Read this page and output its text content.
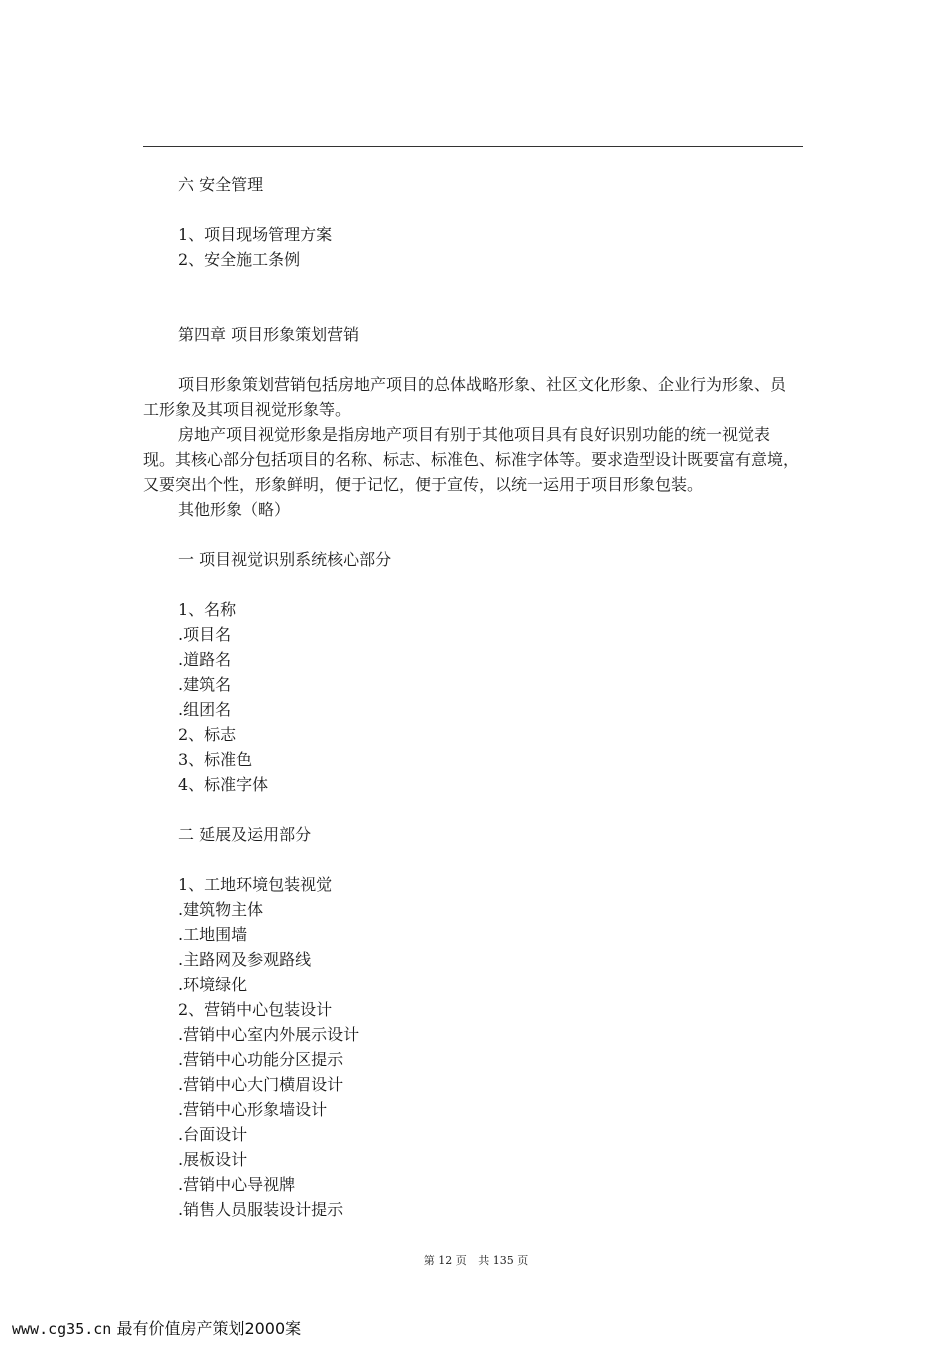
六 安全管理
1、项目现场管理方案
2、安全施工条例
第四章 项目形象策划营销
项目形象策划营销包括房地产项目的总体战略形象、社区文化形象、企业行为形象、员
工形象及其项目视觉形象等。
房地产项目视觉形象是指房地产项目有别于其他项目具有良好识别功能的统一视觉表
现。其核心部分包括项目的名称、标志、标准色、标准字体等。要求造型设计既要富有意境，
又要突出个性，形象鲜明，便于记忆，便于宣传，以统一运用于项目形象包装。
其他形象（略）
一 项目视觉识别系统核心部分
1、名称
.项目名
.道路名
.建筑名
.组团名
2、标志
3、标准色
4、标准字体
二 延展及运用部分
1、工地环境包装视觉
.建筑物主体
.工地围墙
.主路网及参观路线
.环境绿化
2、营销中心包装设计
.营销中心室内外展示设计
.营销中心功能分区提示
.营销中心大门横眉设计
.营销中心形象墙设计
.台面设计
.展板设计
.营销中心导视牌
.销售人员服装设计提示
第 12 页 共 135 页
www.cg35.cn 最有价值房产策划2000案
